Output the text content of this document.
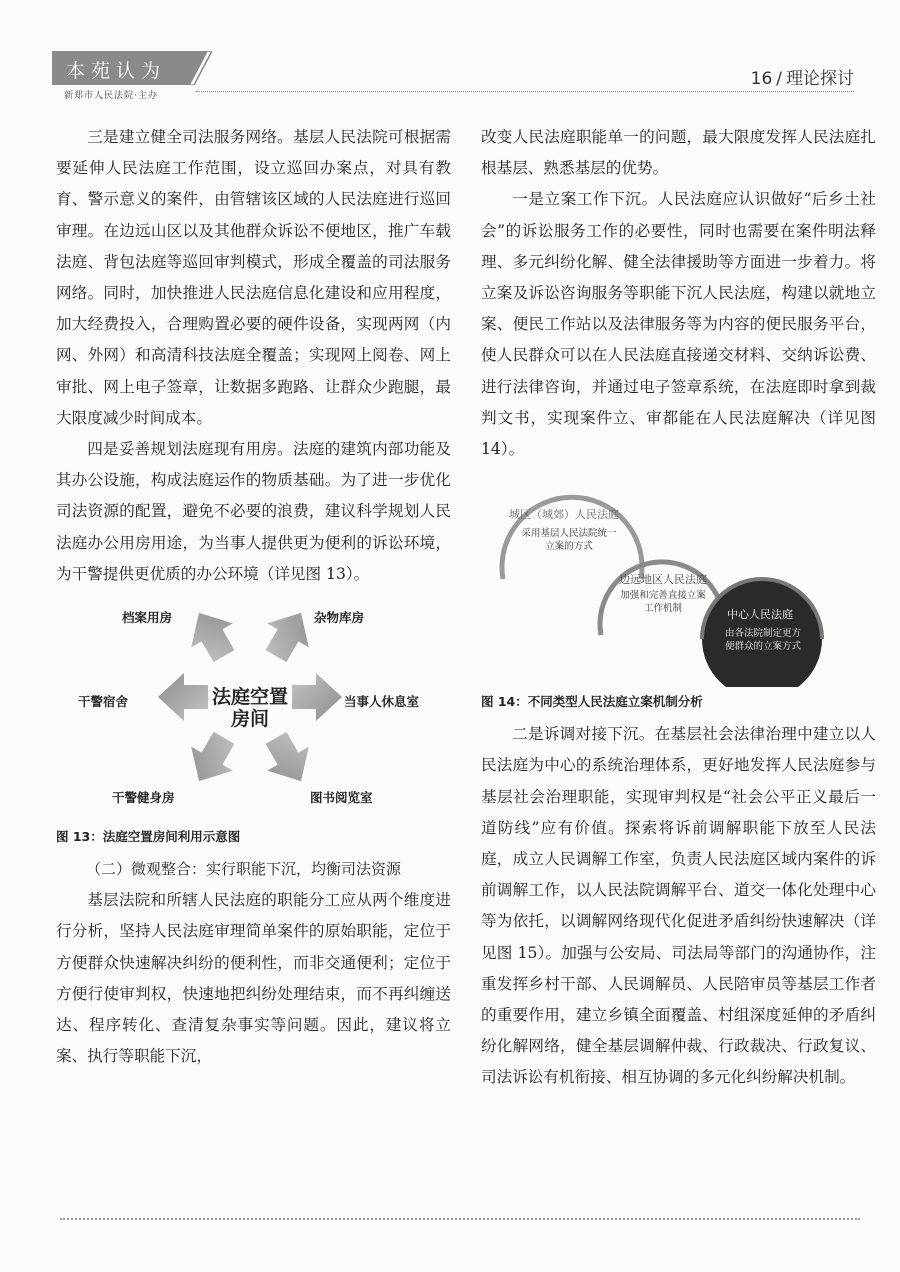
本苑认为
新郑市人民法院·主办
16 / 理论探讨

三是建立健全司法服务网络。基层人民法院可根据需要延伸人民法庭工作范围，设立巡回办案点，对具有教育、警示意义的案件，由管辖该区域的人民法庭进行巡回审理。在边远山区以及其他群众诉讼不便地区，推广车载法庭、背包法庭等巡回审判模式，形成全覆盖的司法服务网络。同时，加快推进人民法庭信息化建设和应用程度，加大经费投入，合理购置必要的硬件设备，实现两网（内网、外网）和高清科技法庭全覆盖；实现网上阅卷、网上审批、网上电子签章，让数据多跑路、让群众少跑腿，最大限度减少时间成本。

四是妥善规划法庭现有用房。法庭的建筑内部功能及其办公设施，构成法庭运作的物质基础。为了进一步优化司法资源的配置，避免不必要的浪费，建议科学规划人民法庭办公用房用途，为当事人提供更为便利的诉讼环境，为干警提供更优质的办公环境（详见图 13）。

法庭空置房间
档案用房	杂物库房
干警宿舍	当事人休息室
干警健身房	图书阅览室

图 13：法庭空置房间利用示意图

（二）微观整合：实行职能下沉，均衡司法资源

基层法院和所辖人民法庭的职能分工应从两个维度进行分析，坚持人民法庭审理简单案件的原始职能，定位于方便群众快速解决纠纷的便利性，而非交通便利；定位于方便行使审判权，快速地把纠纷处理结束，而不再纠缠送达、程序转化、查清复杂事实等问题。因此，建议将立案、执行等职能下沉，

改变人民法庭职能单一的问题，最大限度发挥人民法庭扎根基层、熟悉基层的优势。

一是立案工作下沉。人民法庭应认识做好“后乡土社会”的诉讼服务工作的必要性，同时也需要在案件明法释理、多元纠纷化解、健全法律援助等方面进一步着力。将立案及诉讼咨询服务等职能下沉人民法庭，构建以就地立案、便民工作站以及法律服务等为内容的便民服务平台，使人民群众可以在人民法庭直接递交材料、交纳诉讼费、进行法律咨询，并通过电子签章系统，在法庭即时拿到裁判文书，实现案件立、审都能在人民法庭解决（详见图 14）。

城区（城郊）人民法庭
采用基层人民法院统一立案的方式
边远地区人民法庭
加强和完善直接立案工作机制	中心人民法庭
由各法院制定更方便群众的立案方式

图 14：不同类型人民法庭立案机制分析

二是诉调对接下沉。在基层社会法律治理中建立以人民法庭为中心的系统治理体系，更好地发挥人民法庭参与基层社会治理职能，实现审判权是“社会公平正义最后一道防线”应有价值。探索将诉前调解职能下放至人民法庭，成立人民调解工作室，负责人民法庭区域内案件的诉前调解工作，以人民法院调解平台、道交一体化处理中心等为依托，以调解网络现代化促进矛盾纠纷快速解决（详见图 15）。加强与公安局、司法局等部门的沟通协作，注重发挥乡村干部、人民调解员、人民陪审员等基层工作者的重要作用，建立乡镇全面覆盖、村组深度延伸的矛盾纠纷化解网络，健全基层调解仲裁、行政裁决、行政复议、司法诉讼有机衔接、相互协调的多元化纠纷解决机制。
